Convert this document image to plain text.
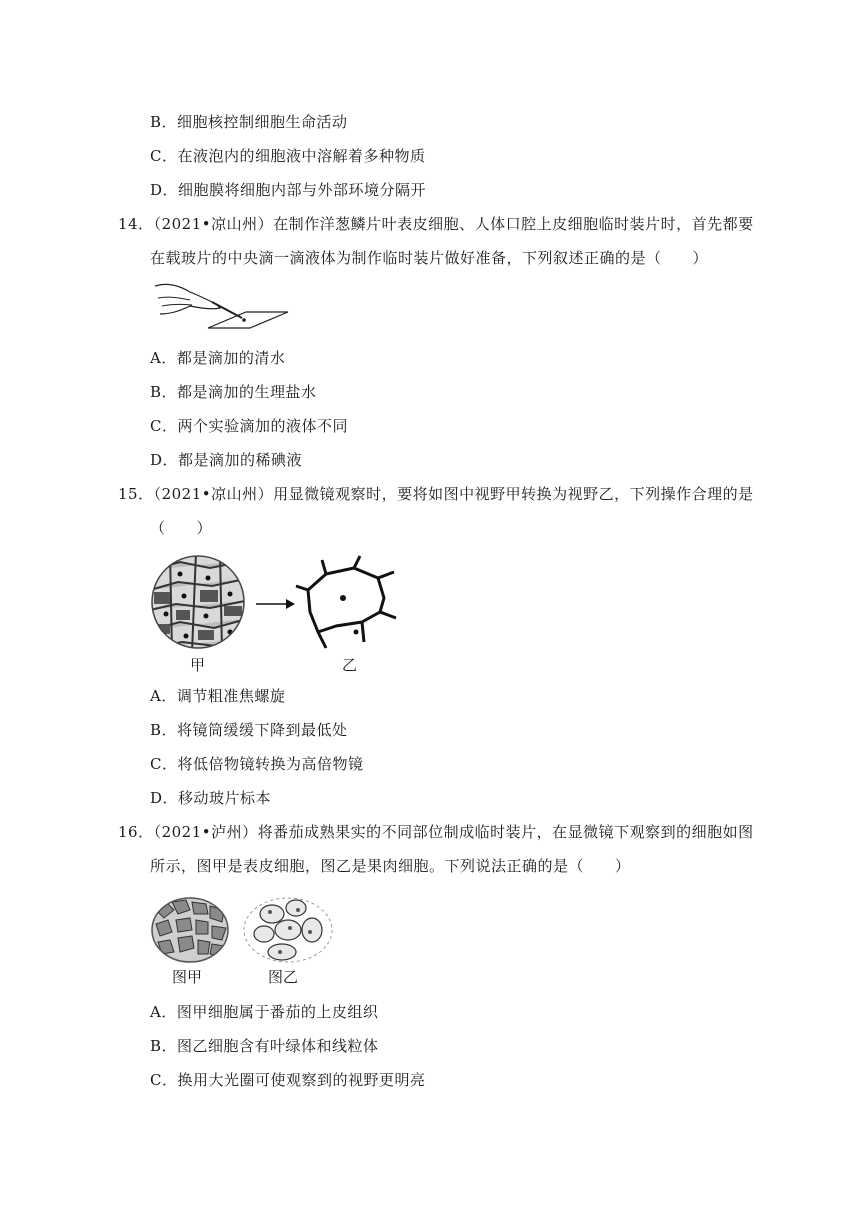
B．细胞核控制细胞生命活动
C．在液泡内的细胞液中溶解着多种物质
D．细胞膜将细胞内部与外部环境分隔开
14．（2021•凉山州）在制作洋葱鳞片叶表皮细胞、人体口腔上皮细胞临时装片时，首先都要
在载玻片的中央滴一滴液体为制作临时装片做好准备，下列叙述正确的是（　　）
A．都是滴加的清水
B．都是滴加的生理盐水
C．两个实验滴加的液体不同
D．都是滴加的稀碘液
15．（2021•凉山州）用显微镜观察时，要将如图中视野甲转换为视野乙，下列操作合理的是
（　　）
甲	乙
A．调节粗准焦螺旋
B．将镜筒缓缓下降到最低处
C．将低倍物镜转换为高倍物镜
D．移动玻片标本
16．（2021•泸州）将番茄成熟果实的不同部位制成临时装片，在显微镜下观察到的细胞如图
所示，图甲是表皮细胞，图乙是果肉细胞。下列说法正确的是（　　）
图甲	图乙
A．图甲细胞属于番茄的上皮组织
B．图乙细胞含有叶绿体和线粒体
C．换用大光圈可使观察到的视野更明亮
